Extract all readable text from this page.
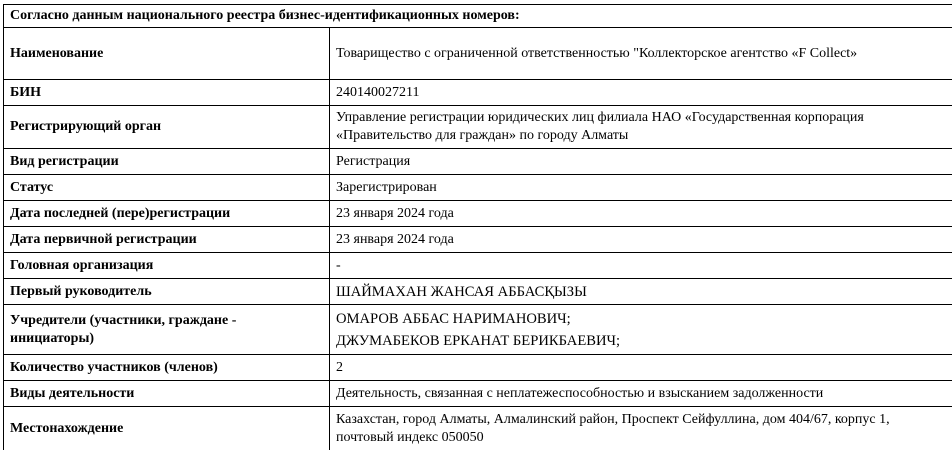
Согласно данным национального реестра бизнес-идентификационных номеров:	
Наименование	Товарищество с ограниченной ответственностью "Коллекторское агентство «F Collect»
БИН	240140027211
Регистрирующий орган	Управление регистрации юридических лиц филиала НАО «Государственная корпорация
«Правительство для граждан» по городу Алматы

Вид регистрации	Регистрация
Статус	Зарегистрирован
Дата последней (пере)регистрации	23 января 2024 года
Дата первичной регистрации	23 января 2024 года
Головная организация	-
Первый руководитель	ШАЙМАХАН ЖАНСАЯ АББАСҚЫЗЫ

Учредители (участники, граждане -
инициаторы)	ОМАРОВ АББАС НАРИМАНОВИЧ;
ДЖУМАБЕКОВ ЕРКАНАТ БЕРИКБАЕВИЧ;

Количество участников (членов)	2
Виды деятельности	Деятельность, связанная с неплатежеспособностью и взысканием задолженности
Местонахождение	Казахстан, город Алматы, Алмалинский район, Проспект Сейфуллина, дом 404/67, корпус 1,
почтовый индекс 050050
